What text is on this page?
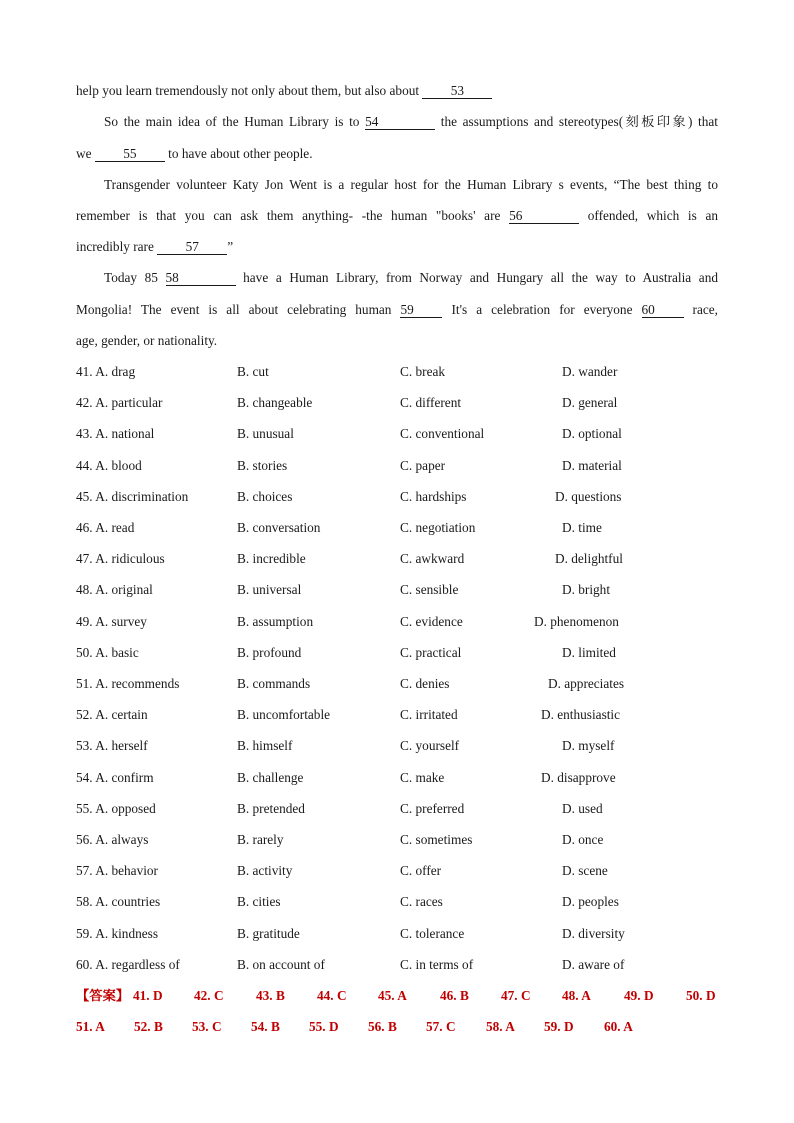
help you learn tremendously not only about them, but also about 53
So the main idea of the Human Library is to 54	the assumptions and stereotypes(刻板印象) that
we 55 to have about other people.
Transgender volunteer Katy Jon Went is a regular host for the Human Library s events, “The best thing to
remember is that you can ask them anything- -the human "books' are 56	offended, which is an
incredibly rare 57 ”
Today 85 58	have a Human Library, from Norway and Hungary all the way to Australia and
Mongolia! The event is all about celebrating human 59 It's a celebration for everyone 60 race,
age, gender, or nationality.
41. A. drag	B. cut	C. break	D. wander
42. A. particular	B. changeable	C. different	D. general
43. A. national	B. unusual	C. conventional	D. optional
44. A. blood	B. stories	C. paper	D. material
45. A. discrimination	B. choices	C. hardships	D. questions
46. A. read	B. conversation	C. negotiation	D. time
47. A. ridiculous	B. incredible	C. awkward	D. delightful
48. A. original	B. universal	C. sensible	D. bright
49. A. survey	B. assumption	C. evidence	D. phenomenon
50. A. basic	B. profound	C. practical	D. limited
51. A. recommends	B. commands	C. denies	D. appreciates
52. A. certain	B. uncomfortable	C. irritated	D. enthusiastic
53. A. herself	B. himself	C. yourself	D. myself
54. A. confirm	B. challenge	C. make	D. disapprove
55. A. opposed	B. pretended	C. preferred	D. used
56. A. always	B. rarely	C. sometimes	D. once
57. A. behavior	B. activity	C. offer	D. scene
58. A. countries	B. cities	C. races	D. peoples
59. A. kindness	B. gratitude	C. tolerance	D. diversity
60. A. regardless of	B. on account of	C. in terms of	D. aware of
【答案】 41. D 42. C 43. B 44. C 45. A 46. B 47. C 48. A 49. D 50. D
51. A 52. B 53. C 54. B 55. D 56. B 57. C 58. A 59. D 60. A
